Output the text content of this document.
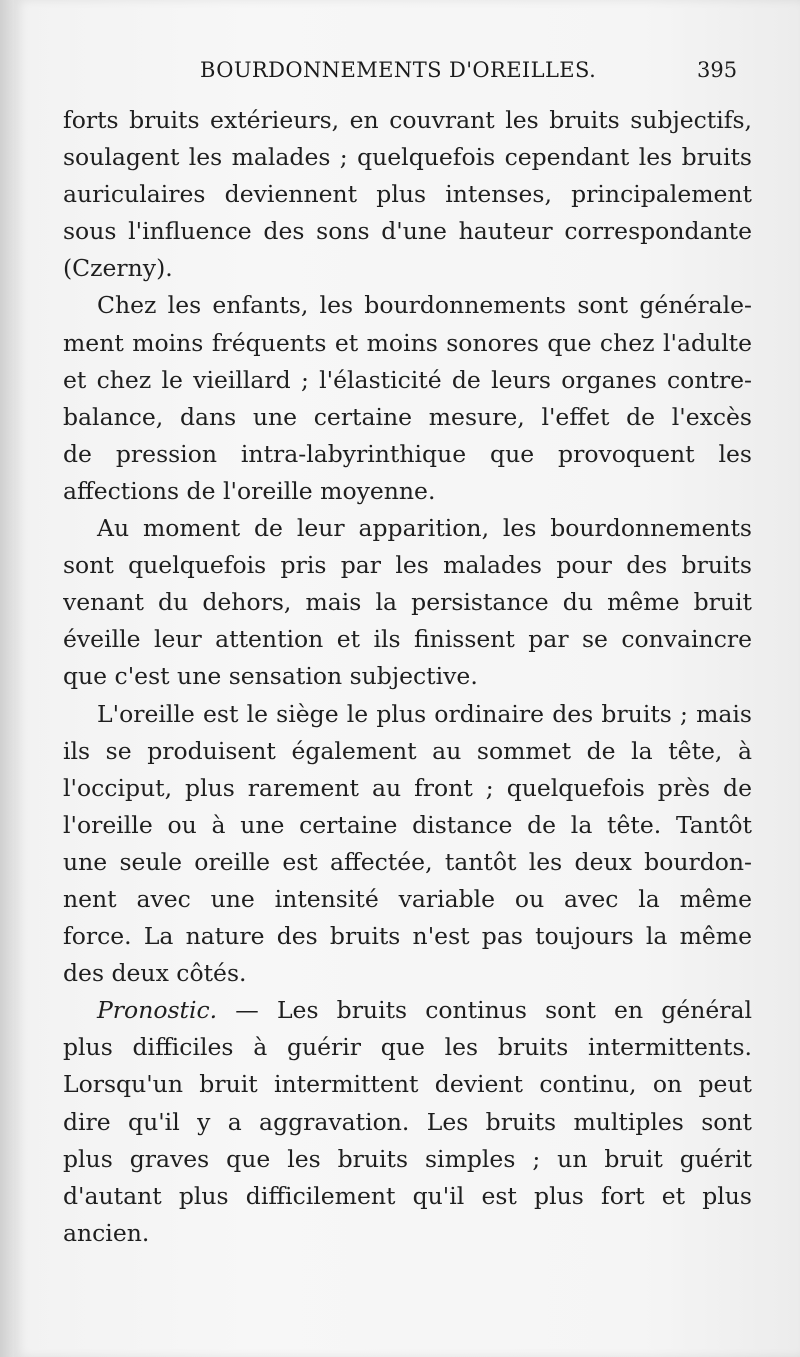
BOURDONNEMENTS D'OREILLES.	395
forts bruits extérieurs, en couvrant les bruits subjectifs,
soulagent les malades ; quelquefois cependant les bruits
auriculaires deviennent plus intenses, principalement
sous l'influence des sons d'une hauteur correspondante
(Czerny).
Chez les enfants, les bourdonnements sont générale-
ment moins fréquents et moins sonores que chez l'adulte
et chez le vieillard ; l'élasticité de leurs organes contre-
balance, dans une certaine mesure, l'effet de l'excès
de pression intra-labyrinthique que provoquent les
affections de l'oreille moyenne.
Au moment de leur apparition, les bourdonnements
sont quelquefois pris par les malades pour des bruits
venant du dehors, mais la persistance du même bruit
éveille leur attention et ils finissent par se convaincre
que c'est une sensation subjective.
L'oreille est le siège le plus ordinaire des bruits ; mais
ils se produisent également au sommet de la tête, à
l'occiput, plus rarement au front ; quelquefois près de
l'oreille ou à une certaine distance de la tête. Tantôt
une seule oreille est affectée, tantôt les deux bourdon-
nent avec une intensité variable ou avec la même
force. La nature des bruits n'est pas toujours la même
des deux côtés.
Pronostic. — Les bruits continus sont en général
plus difficiles à guérir que les bruits intermittents.
Lorsqu'un bruit intermittent devient continu, on peut
dire qu'il y a aggravation. Les bruits multiples sont
plus graves que les bruits simples ; un bruit guérit
d'autant plus difficilement qu'il est plus fort et plus
ancien.
